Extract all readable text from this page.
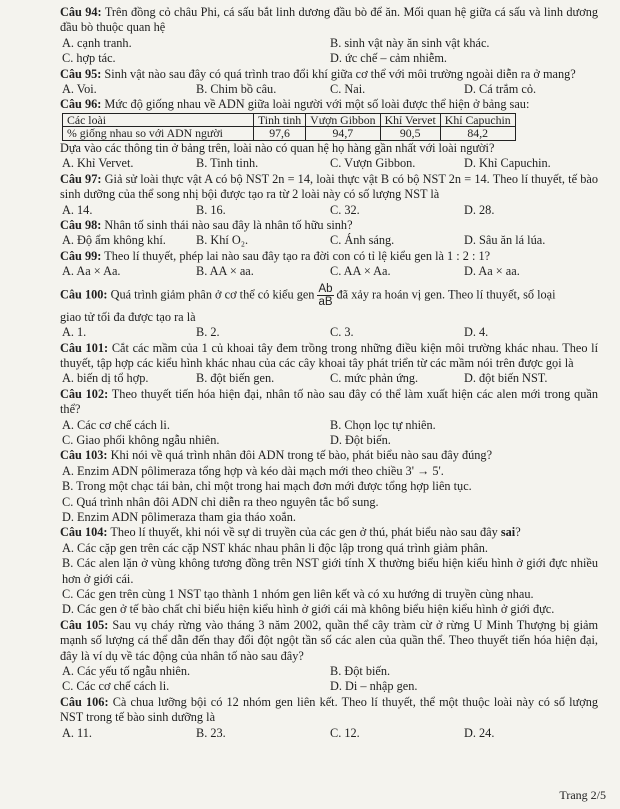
Câu 94: Trên đồng cỏ châu Phi, cá sấu bắt linh dương đầu bò để ăn. Mối quan hệ giữa cá sấu và linh dương đầu bò thuộc quan hệ
A. cạnh tranh.	B. sinh vật này ăn sinh vật khác.
C. hợp tác.	D. ức chế – cảm nhiễm.
Câu 95: Sinh vật nào sau đây có quá trình trao đổi khí giữa cơ thể với môi trường ngoài diễn ra ở mang?
A. Voi.	B. Chim bồ câu.	C. Nai.	D. Cá trắm cỏ.
Câu 96: Mức độ giống nhau về ADN giữa loài người với một số loài được thể hiện ở bảng sau:
Các loài	Tinh tinh	Vượn Gibbon	Khỉ Vervet	Khỉ Capuchin
% giống nhau so với ADN người	97,6	94,7	90,5	84,2
Dựa vào các thông tin ở bảng trên, loài nào có quan hệ họ hàng gần nhất với loài người?
A. Khỉ Vervet.	B. Tinh tinh.	C. Vượn Gibbon.	D. Khỉ Capuchin.
Câu 97: Giả sử loài thực vật A có bộ NST 2n = 14, loài thực vật B có bộ NST 2n = 14. Theo lí thuyết, tế bào sinh dưỡng của thể song nhị bội được tạo ra từ 2 loài này có số lượng NST là
A. 14.	B. 16.	C. 32.	D. 28.
Câu 98: Nhân tố sinh thái nào sau đây là nhân tố hữu sinh?
A. Độ ẩm không khí.	B. Khí O₂.	C. Ánh sáng.	D. Sâu ăn lá lúa.
Câu 99: Theo lí thuyết, phép lai nào sau đây tạo ra đời con có tỉ lệ kiểu gen là 1 : 2 : 1?
A. Aa × Aa.	B. AA × aa.	C. AA × Aa.	D. Aa × aa.
Câu 100: Quá trình giảm phân ở cơ thể có kiểu gen $\frac{Ab}{aB}$ đã xảy ra hoán vị gen. Theo lí thuyết, số loại
giao tử tối đa được tạo ra là
A. 1.	B. 2.	C. 3.	D. 4.
Câu 101: Cắt các mầm của 1 củ khoai tây đem trồng trong những điều kiện môi trường khác nhau. Theo lí thuyết, tập hợp các kiểu hình khác nhau của các cây khoai tây phát triển từ các mầm nói trên được gọi là
A. biến dị tổ hợp.	B. đột biến gen.	C. mức phản ứng.	D. đột biến NST.
Câu 102: Theo thuyết tiến hóa hiện đại, nhân tố nào sau đây có thể làm xuất hiện các alen mới trong quần thể?
A. Các cơ chế cách li.	B. Chọn lọc tự nhiên.
C. Giao phối không ngẫu nhiên.	D. Đột biến.
Câu 103: Khi nói về quá trình nhân đôi ADN trong tế bào, phát biểu nào sau đây đúng?
A. Enzim ADN pôlimeraza tổng hợp và kéo dài mạch mới theo chiều 3' → 5'.
B. Trong một chạc tái bản, chỉ một trong hai mạch đơn mới được tổng hợp liên tục.
C. Quá trình nhân đôi ADN chỉ diễn ra theo nguyên tắc bổ sung.
D. Enzim ADN pôlimeraza tham gia tháo xoắn.
Câu 104: Theo lí thuyết, khi nói về sự di truyền của các gen ở thú, phát biểu nào sau đây sai?
A. Các cặp gen trên các cặp NST khác nhau phân li độc lập trong quá trình giảm phân.
B. Các alen lặn ở vùng không tương đồng trên NST giới tính X thường biểu hiện kiểu hình ở giới đực nhiều hơn ở giới cái.
C. Các gen trên cùng 1 NST tạo thành 1 nhóm gen liên kết và có xu hướng di truyền cùng nhau.
D. Các gen ở tế bào chất chỉ biểu hiện kiểu hình ở giới cái mà không biểu hiện kiểu hình ở giới đực.
Câu 105: Sau vụ cháy rừng vào tháng 3 năm 2002, quần thể cây tràm cừ ở rừng U Minh Thượng bị giảm mạnh số lượng cá thể dẫn đến thay đổi đột ngột tần số các alen của quần thể. Theo thuyết tiến hóa hiện đại, đây là ví dụ về tác động của nhân tố nào sau đây?
A. Các yếu tố ngẫu nhiên.	B. Đột biến.
C. Các cơ chế cách li.	D. Di – nhập gen.
Câu 106: Cà chua lưỡng bội có 12 nhóm gen liên kết. Theo lí thuyết, thể một thuộc loài này có số lượng NST trong tế bào sinh dưỡng là
A. 11.	B. 23.	C. 12.	D. 24.
Trang 2/5
